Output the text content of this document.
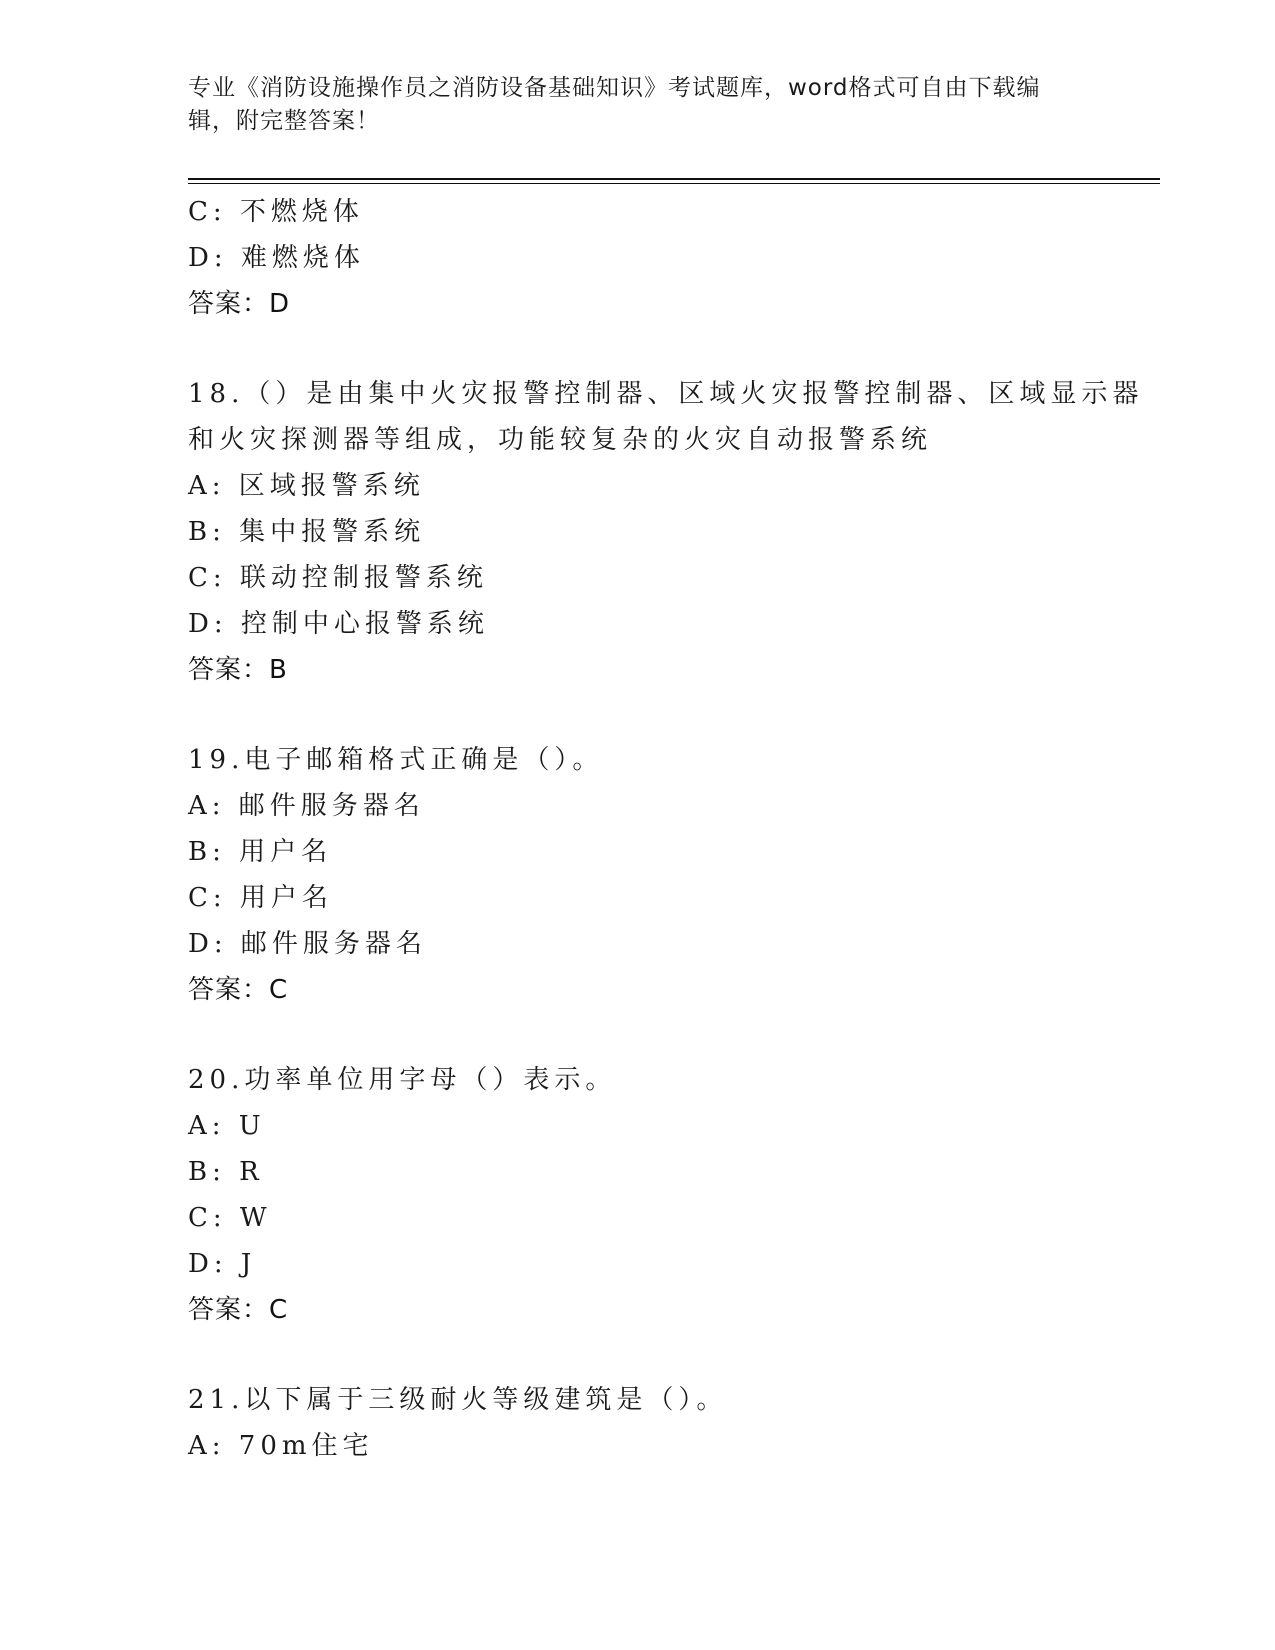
专业《消防设施操作员之消防设备基础知识》考试题库，word格式可自由下载编
辑，附完整答案！
C: 不燃烧体
D: 难燃烧体
答案：D
18.（）是由集中火灾报警控制器、区域火灾报警控制器、区域显示器
和火灾探测器等组成，功能较复杂的火灾自动报警系统
A: 区域报警系统
B: 集中报警系统
C: 联动控制报警系统
D: 控制中心报警系统
答案：B
19.电子邮箱格式正确是（）。
A: 邮件服务器名
B: 用户名
C: 用户名
D: 邮件服务器名
答案：C
20.功率单位用字母（）表示。
A: U
B: R
C: W
D: J
答案：C
21.以下属于三级耐火等级建筑是（）。
A: 70m住宅
